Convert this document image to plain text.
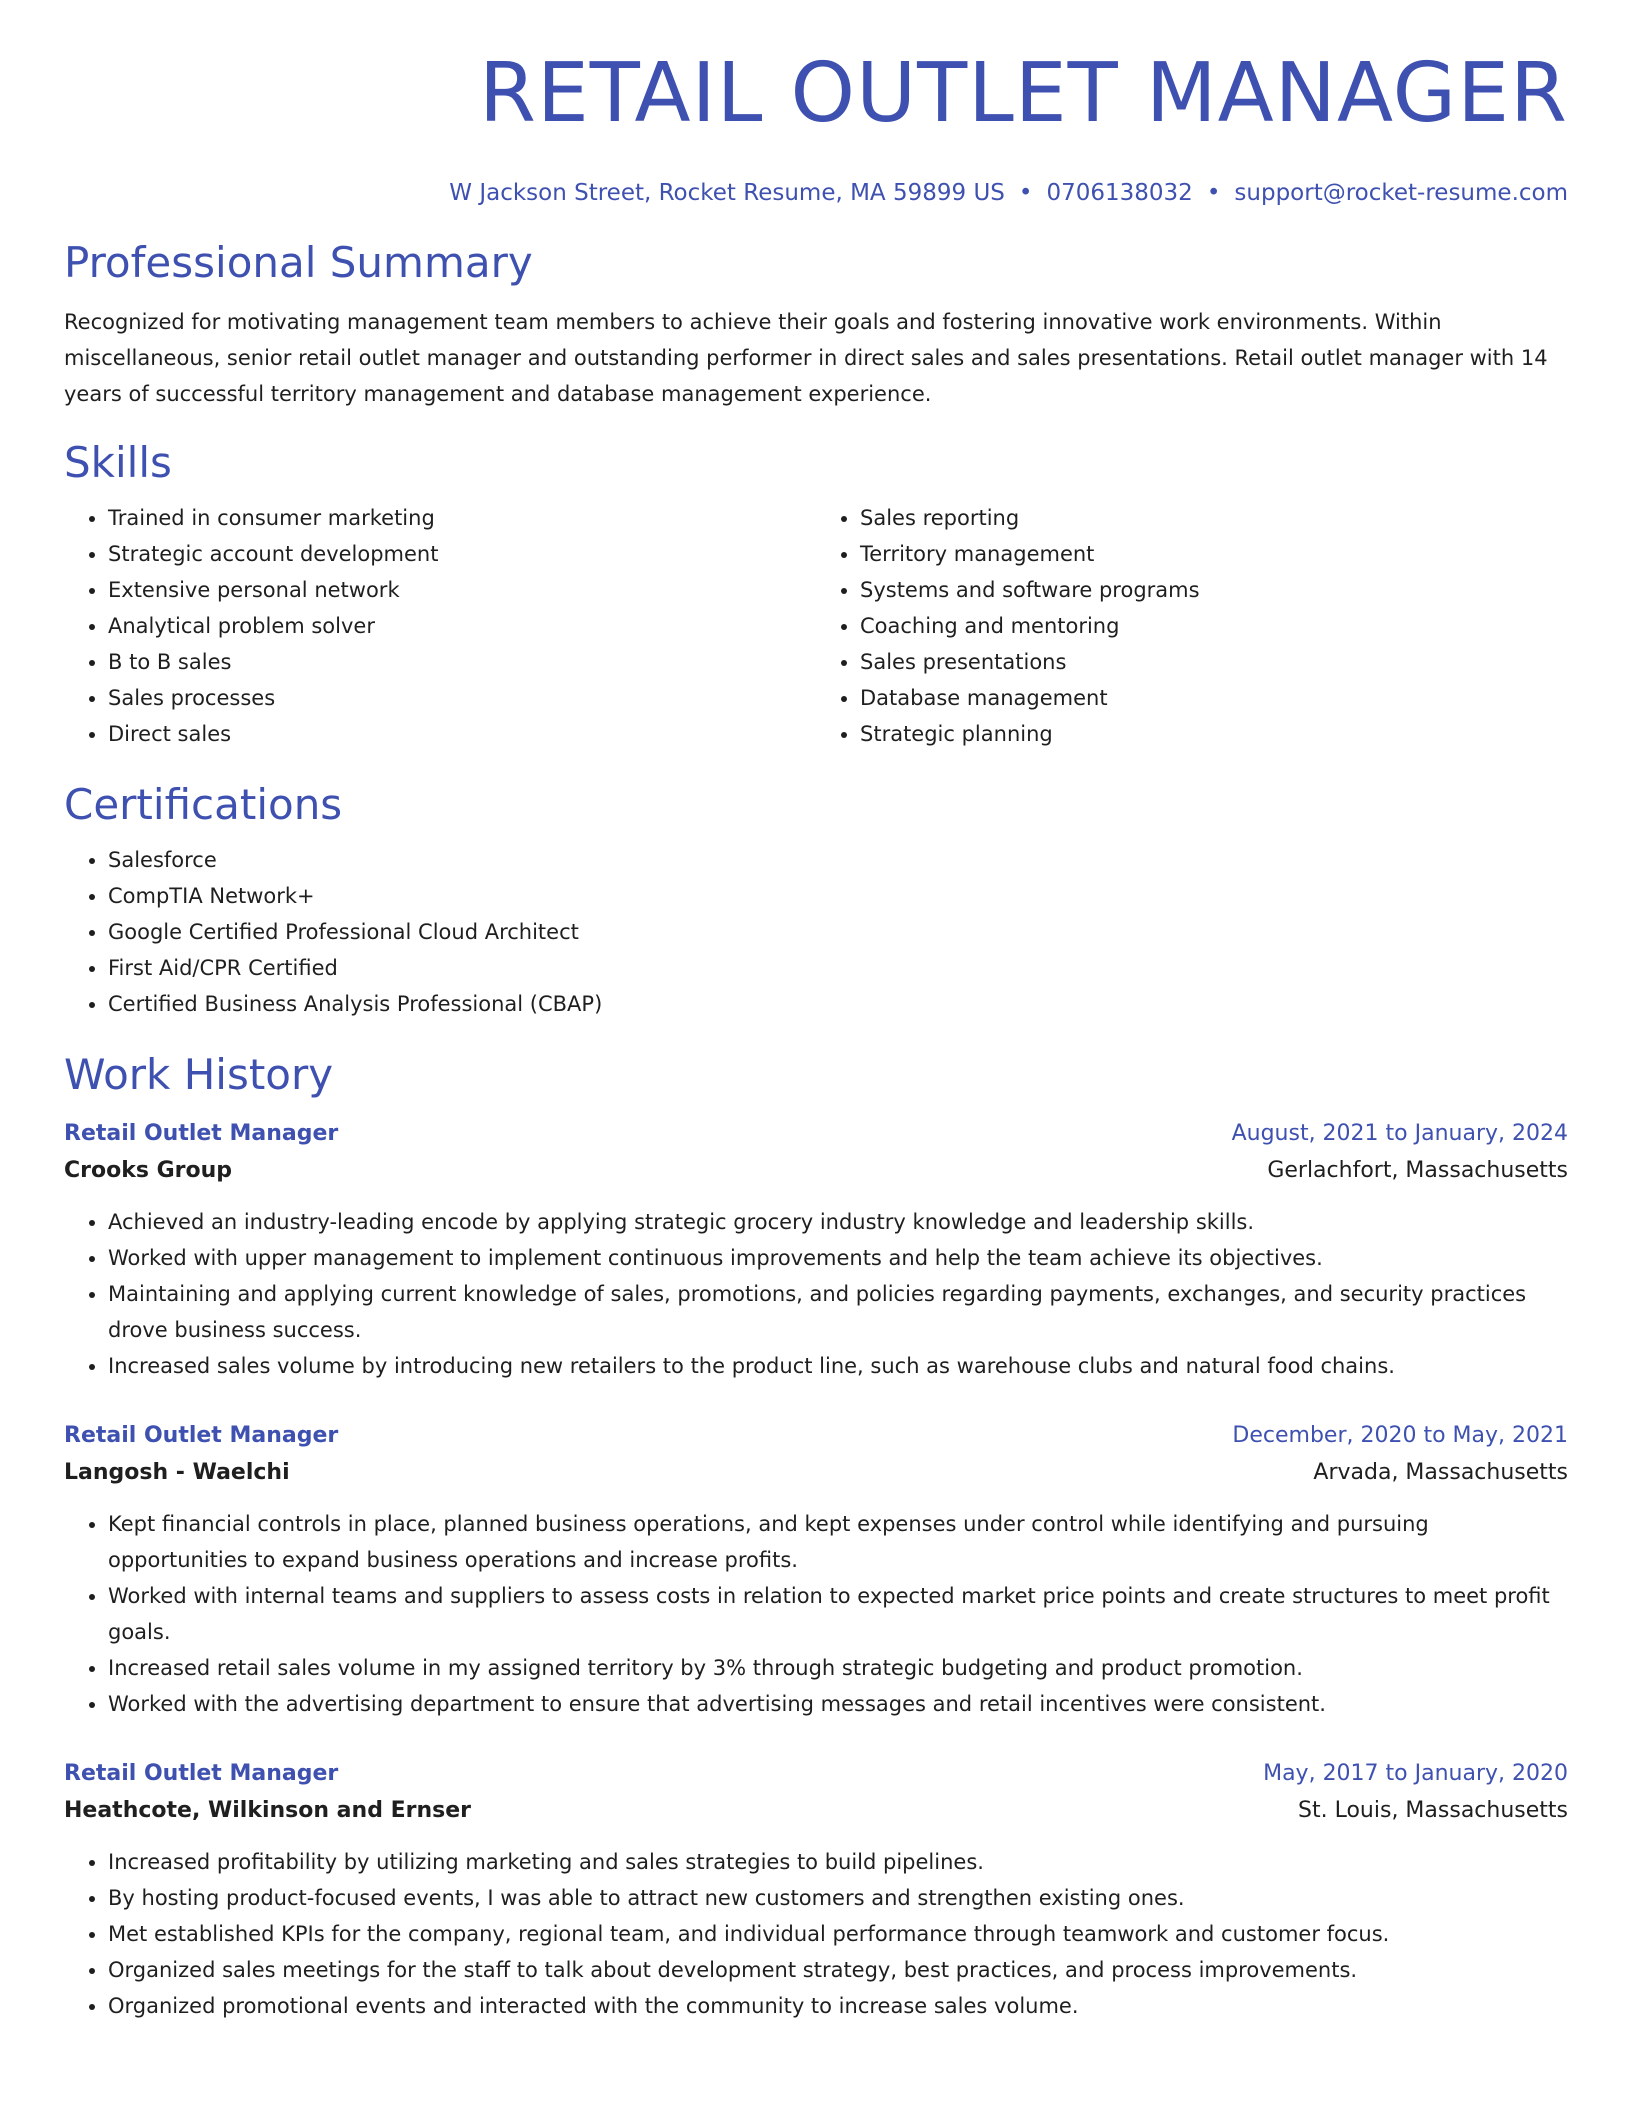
RETAIL OUTLET MANAGER
W Jackson Street, Rocket Resume, MA 59899 US • 0706138032 • support@rocket-resume.com
Professional Summary
Recognized for motivating management team members to achieve their goals and fostering innovative work environments. Within miscellaneous, senior retail outlet manager and outstanding performer in direct sales and sales presentations. Retail outlet manager with 14 years of successful territory management and database management experience.
Skills
• Trained in consumer marketing
• Strategic account development
• Extensive personal network
• Analytical problem solver
• B to B sales
• Sales processes
• Direct sales
• Sales reporting
• Territory management
• Systems and software programs
• Coaching and mentoring
• Sales presentations
• Database management
• Strategic planning
Certifications
• Salesforce
• CompTIA Network+
• Google Certified Professional Cloud Architect
• First Aid/CPR Certified
• Certified Business Analysis Professional (CBAP)
Work History
Retail Outlet Manager	August, 2021 to January, 2024
Crooks Group	Gerlachfort, Massachusetts
• Achieved an industry-leading encode by applying strategic grocery industry knowledge and leadership skills.
• Worked with upper management to implement continuous improvements and help the team achieve its objectives.
• Maintaining and applying current knowledge of sales, promotions, and policies regarding payments, exchanges, and security practices drove business success.
• Increased sales volume by introducing new retailers to the product line, such as warehouse clubs and natural food chains.
Retail Outlet Manager	December, 2020 to May, 2021
Langosh - Waelchi	Arvada, Massachusetts
• Kept financial controls in place, planned business operations, and kept expenses under control while identifying and pursuing opportunities to expand business operations and increase profits.
• Worked with internal teams and suppliers to assess costs in relation to expected market price points and create structures to meet profit goals.
• Increased retail sales volume in my assigned territory by 3% through strategic budgeting and product promotion.
• Worked with the advertising department to ensure that advertising messages and retail incentives were consistent.
Retail Outlet Manager	May, 2017 to January, 2020
Heathcote, Wilkinson and Ernser	St. Louis, Massachusetts
• Increased profitability by utilizing marketing and sales strategies to build pipelines.
• By hosting product-focused events, I was able to attract new customers and strengthen existing ones.
• Met established KPIs for the company, regional team, and individual performance through teamwork and customer focus.
• Organized sales meetings for the staff to talk about development strategy, best practices, and process improvements.
• Organized promotional events and interacted with the community to increase sales volume.
